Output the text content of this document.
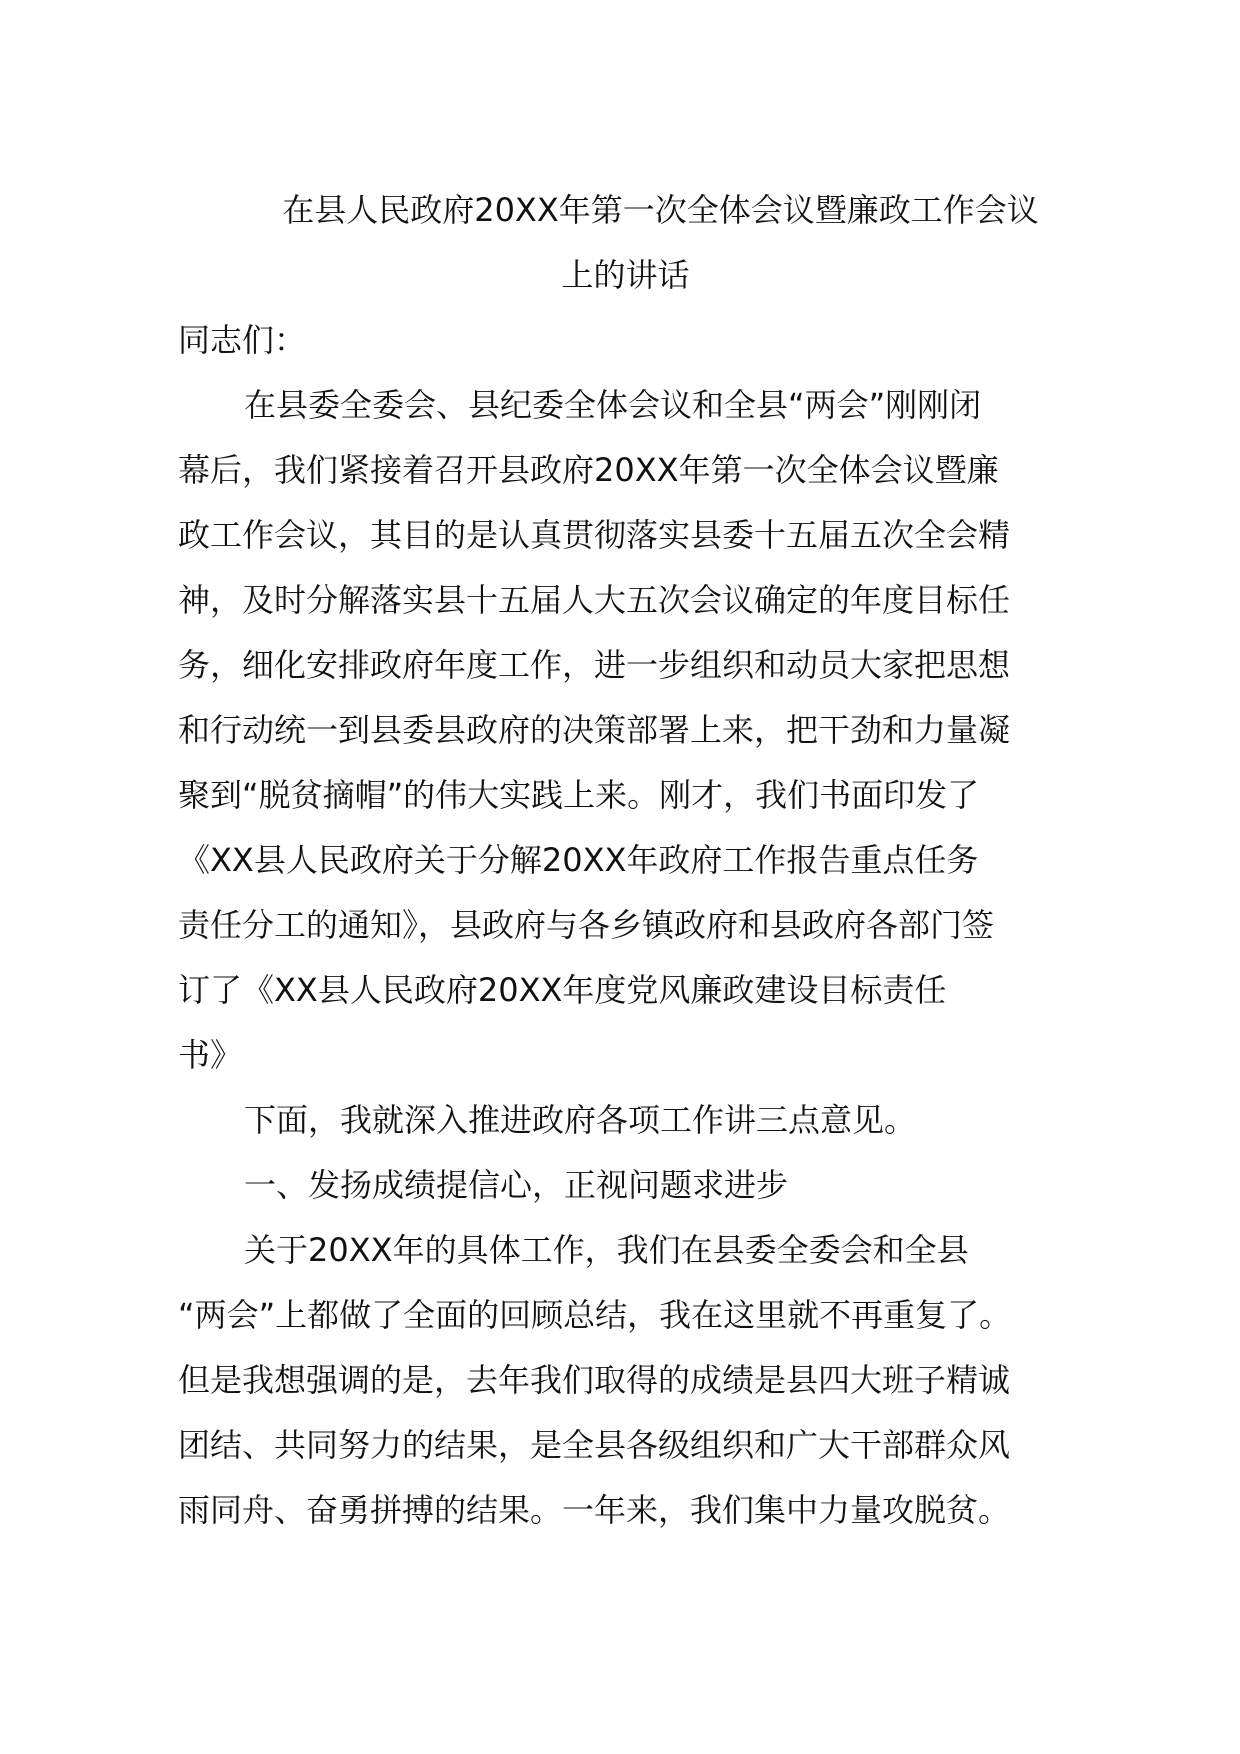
在县人民政府20XX年第一次全体会议暨廉政工作会议
上的讲话
同志们：
在县委全委会、县纪委全体会议和全县“两会”刚刚闭
幕后，我们紧接着召开县政府20XX年第一次全体会议暨廉
政工作会议，其目的是认真贯彻落实县委十五届五次全会精
神，及时分解落实县十五届人大五次会议确定的年度目标任
务，细化安排政府年度工作，进一步组织和动员大家把思想
和行动统一到县委县政府的决策部署上来，把干劲和力量凝
聚到“脱贫摘帽”的伟大实践上来。刚才，我们书面印发了
《XX县人民政府关于分解20XX年政府工作报告重点任务
责任分工的通知》，县政府与各乡镇政府和县政府各部门签
订了《XX县人民政府20XX年度党风廉政建设目标责任
书》
下面，我就深入推进政府各项工作讲三点意见。
一、发扬成绩提信心，正视问题求进步
关于20XX年的具体工作，我们在县委全委会和全县
“两会”上都做了全面的回顾总结，我在这里就不再重复了。
但是我想强调的是，去年我们取得的成绩是县四大班子精诚
团结、共同努力的结果，是全县各级组织和广大干部群众风
雨同舟、奋勇拼搏的结果。一年来，我们集中力量攻脱贫。
